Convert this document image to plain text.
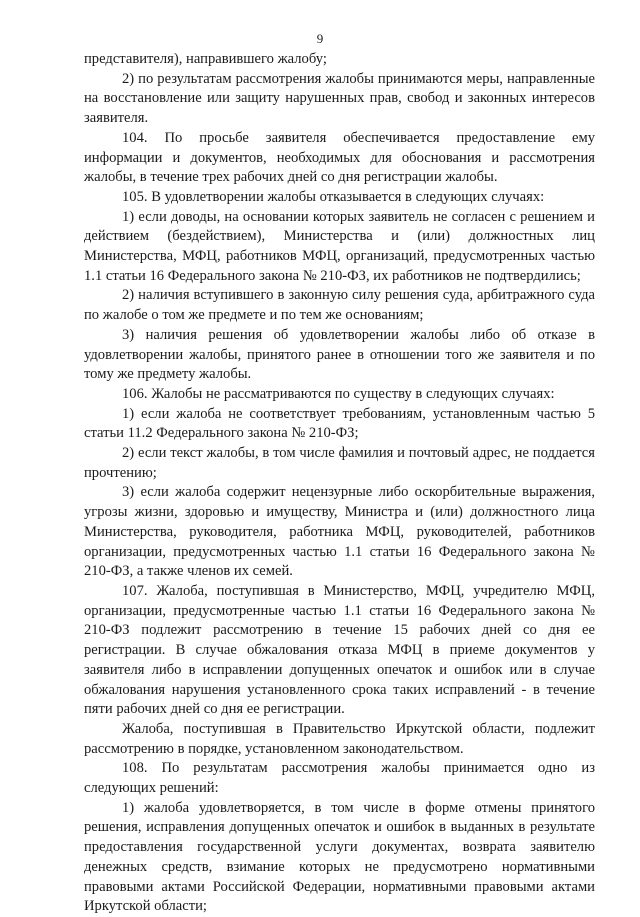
9

представителя), направившего жалобу;

2) по результатам рассмотрения жалобы принимаются меры, направленные на восстановление или защиту нарушенных прав, свобод и законных интересов заявителя.

104. По просьбе заявителя обеспечивается предоставление ему информации и документов, необходимых для обоснования и рассмотрения жалобы, в течение трех рабочих дней со дня регистрации жалобы.

105. В удовлетворении жалобы отказывается в следующих случаях:

1) если доводы, на основании которых заявитель не согласен с решением и действием (бездействием), Министерства и (или) должностных лиц Министерства, МФЦ, работников МФЦ, организаций, предусмотренных частью 1.1 статьи 16 Федерального закона № 210-ФЗ, их работников не подтвердились;

2) наличия вступившего в законную силу решения суда, арбитражного суда по жалобе о том же предмете и по тем же основаниям;

3) наличия решения об удовлетворении жалобы либо об отказе в удовлетворении жалобы, принятого ранее в отношении того же заявителя и по тому же предмету жалобы.

106. Жалобы не рассматриваются по существу в следующих случаях:

1) если жалоба не соответствует требованиям, установленным частью 5 статьи 11.2 Федерального закона № 210-ФЗ;

2) если текст жалобы, в том числе фамилия и почтовый адрес, не поддается прочтению;

3) если жалоба содержит нецензурные либо оскорбительные выражения, угрозы жизни, здоровью и имуществу, Министра и (или) должностного лица Министерства, руководителя, работника МФЦ, руководителей, работников организации, предусмотренных частью 1.1 статьи 16 Федерального закона № 210-ФЗ, а также членов их семей.

107. Жалоба, поступившая в Министерство, МФЦ, учредителю МФЦ, организации, предусмотренные частью 1.1 статьи 16 Федерального закона № 210-ФЗ подлежит рассмотрению в течение 15 рабочих дней со дня ее регистрации. В случае обжалования отказа МФЦ в приеме документов у заявителя либо в исправлении допущенных опечаток и ошибок или в случае обжалования нарушения установленного срока таких исправлений - в течение пяти рабочих дней со дня ее регистрации.

Жалоба, поступившая в Правительство Иркутской области, подлежит рассмотрению в порядке, установленном законодательством.

108. По результатам рассмотрения жалобы принимается одно из следующих решений:

1) жалоба удовлетворяется, в том числе в форме отмены принятого решения, исправления допущенных опечаток и ошибок в выданных в результате предоставления государственной услуги документах, возврата заявителю денежных средств, взимание которых не предусмотрено нормативными правовыми актами Российской Федерации, нормативными правовыми актами Иркутской области;
